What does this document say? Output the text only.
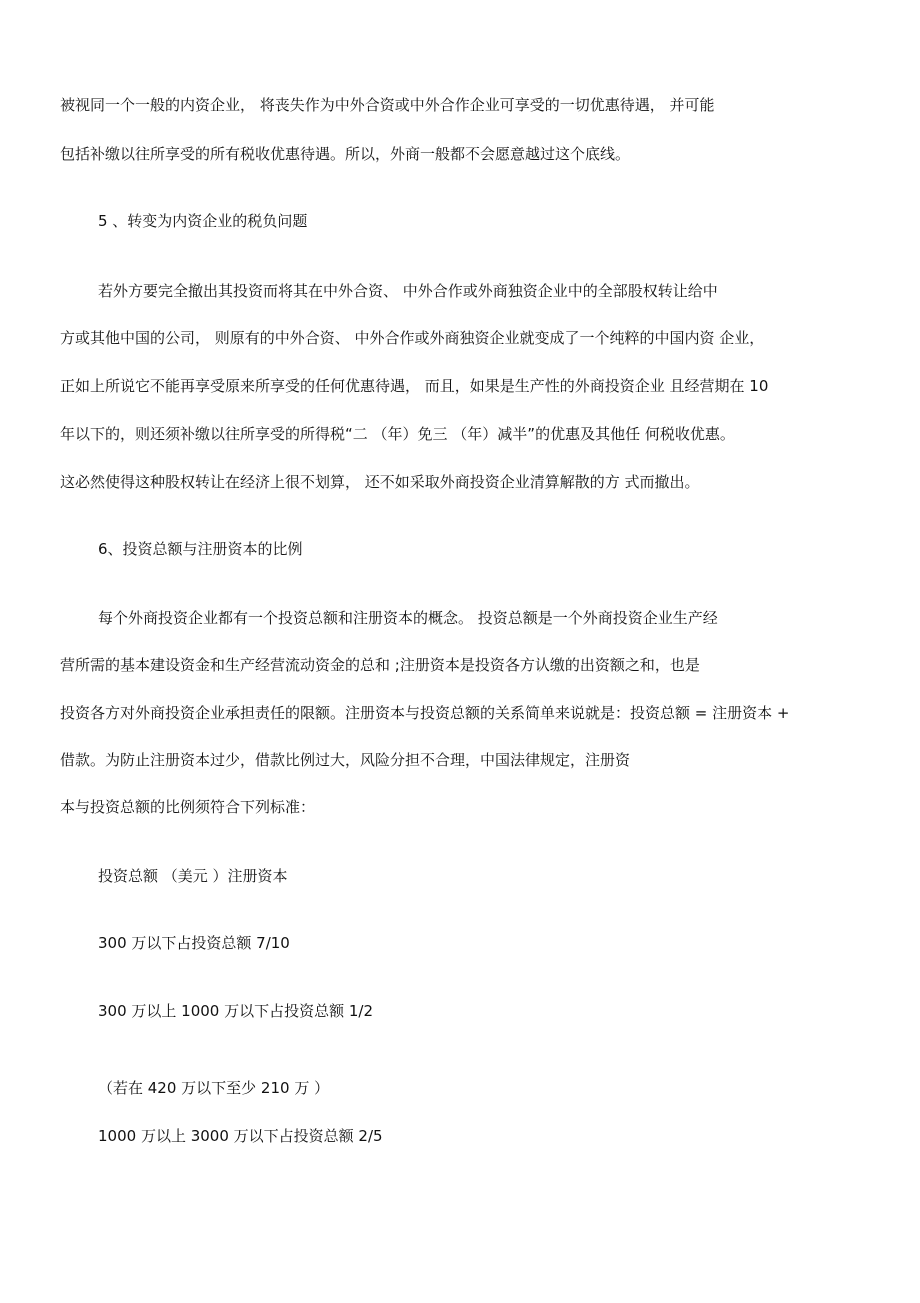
被视同一个一般的内资企业， 将丧失作为中外合资或中外合作企业可享受的一切优惠待遇， 并可能
包括补缴以往所享受的所有税收优惠待遇。所以，外商一般都不会愿意越过这个底线。
5 、转变为内资企业的税负问题
若外方要完全撤出其投资而将其在中外合资、 中外合作或外商独资企业中的全部股权转让给中
方或其他中国的公司， 则原有的中外合资、 中外合作或外商独资企业就变成了一个纯粹的中国内资 企业，
正如上所说它不能再享受原来所享受的任何优惠待遇， 而且，如果是生产性的外商投资企业 且经营期在 10
年以下的，则还须补缴以往所享受的所得税“二 （年）免三 （年）减半”的优惠及其他任 何税收优惠。
这必然使得这种股权转让在经济上很不划算， 还不如采取外商投资企业清算解散的方 式而撤出。
6、投资总额与注册资本的比例
每个外商投资企业都有一个投资总额和注册资本的概念。 投资总额是一个外商投资企业生产经
营所需的基本建设资金和生产经营流动资金的总和 ;注册资本是投资各方认缴的出资额之和，也是
投资各方对外商投资企业承担责任的限额。注册资本与投资总额的关系简单来说就是：投资总额 = 注册资本 +
借款。为防止注册资本过少，借款比例过大，风险分担不合理，中国法律规定，注册资
本与投资总额的比例须符合下列标准：
投资总额 （美元 ）注册资本
300 万以下占投资总额 7/10
300 万以上 1000 万以下占投资总额 1/2
（若在 420 万以下至少 210 万 ）
1000 万以上 3000 万以下占投资总额 2/5
